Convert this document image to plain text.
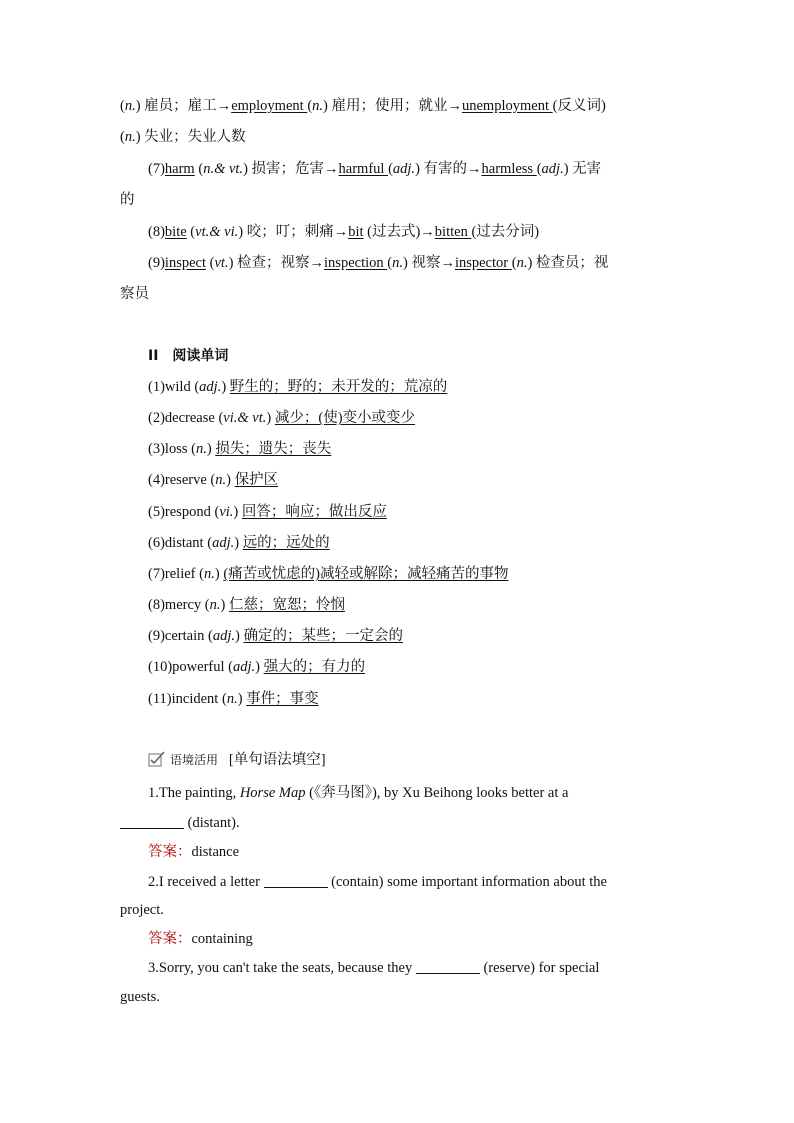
(n.) 雇员；雇工→employment (n.) 雇用；使用；就业→unemployment (反义词)
(n.) 失业；失业人数
(7)harm (n.& vt.) 损害；危害→harmful (adj.) 有害的→harmless (adj.) 无害
的
(8)bite (vt.& vi.) 咬；叮；刺痛→bit (过去式)→bitten (过去分词)
(9)inspect (vt.) 检查；视察→inspection (n.) 视察→inspector (n.) 检查员；视
察员
II　阅读单词
(1)wild (adj.) 野生的；野的；未开发的；荒凉的
(2)decrease (vi.& vt.) 减少；(使)变小或变少
(3)loss (n.) 损失；遗失；丧失
(4)reserve (n.) 保护区
(5)respond (vi.) 回答；响应；做出反应
(6)distant (adj.) 远的；远处的
(7)relief (n.) (痛苦或忧虑的)减轻或解除；减轻痛苦的事物
(8)mercy (n.) 仁慈；宽恕；怜悯
(9)certain (adj.) 确定的；某些；一定会的
(10)powerful (adj.) 强大的；有力的
(11)incident (n.) 事件；事变
语境活用 [单句语法填空]
1.The painting, Horse Map (《奔马图》), by Xu Beihong looks better at a
(distant).
答案：distance
2.I received a letter	(contain) some important information about the
project.
答案：containing
3.Sorry, you can't take the seats, because they	(reserve) for special
guests.
